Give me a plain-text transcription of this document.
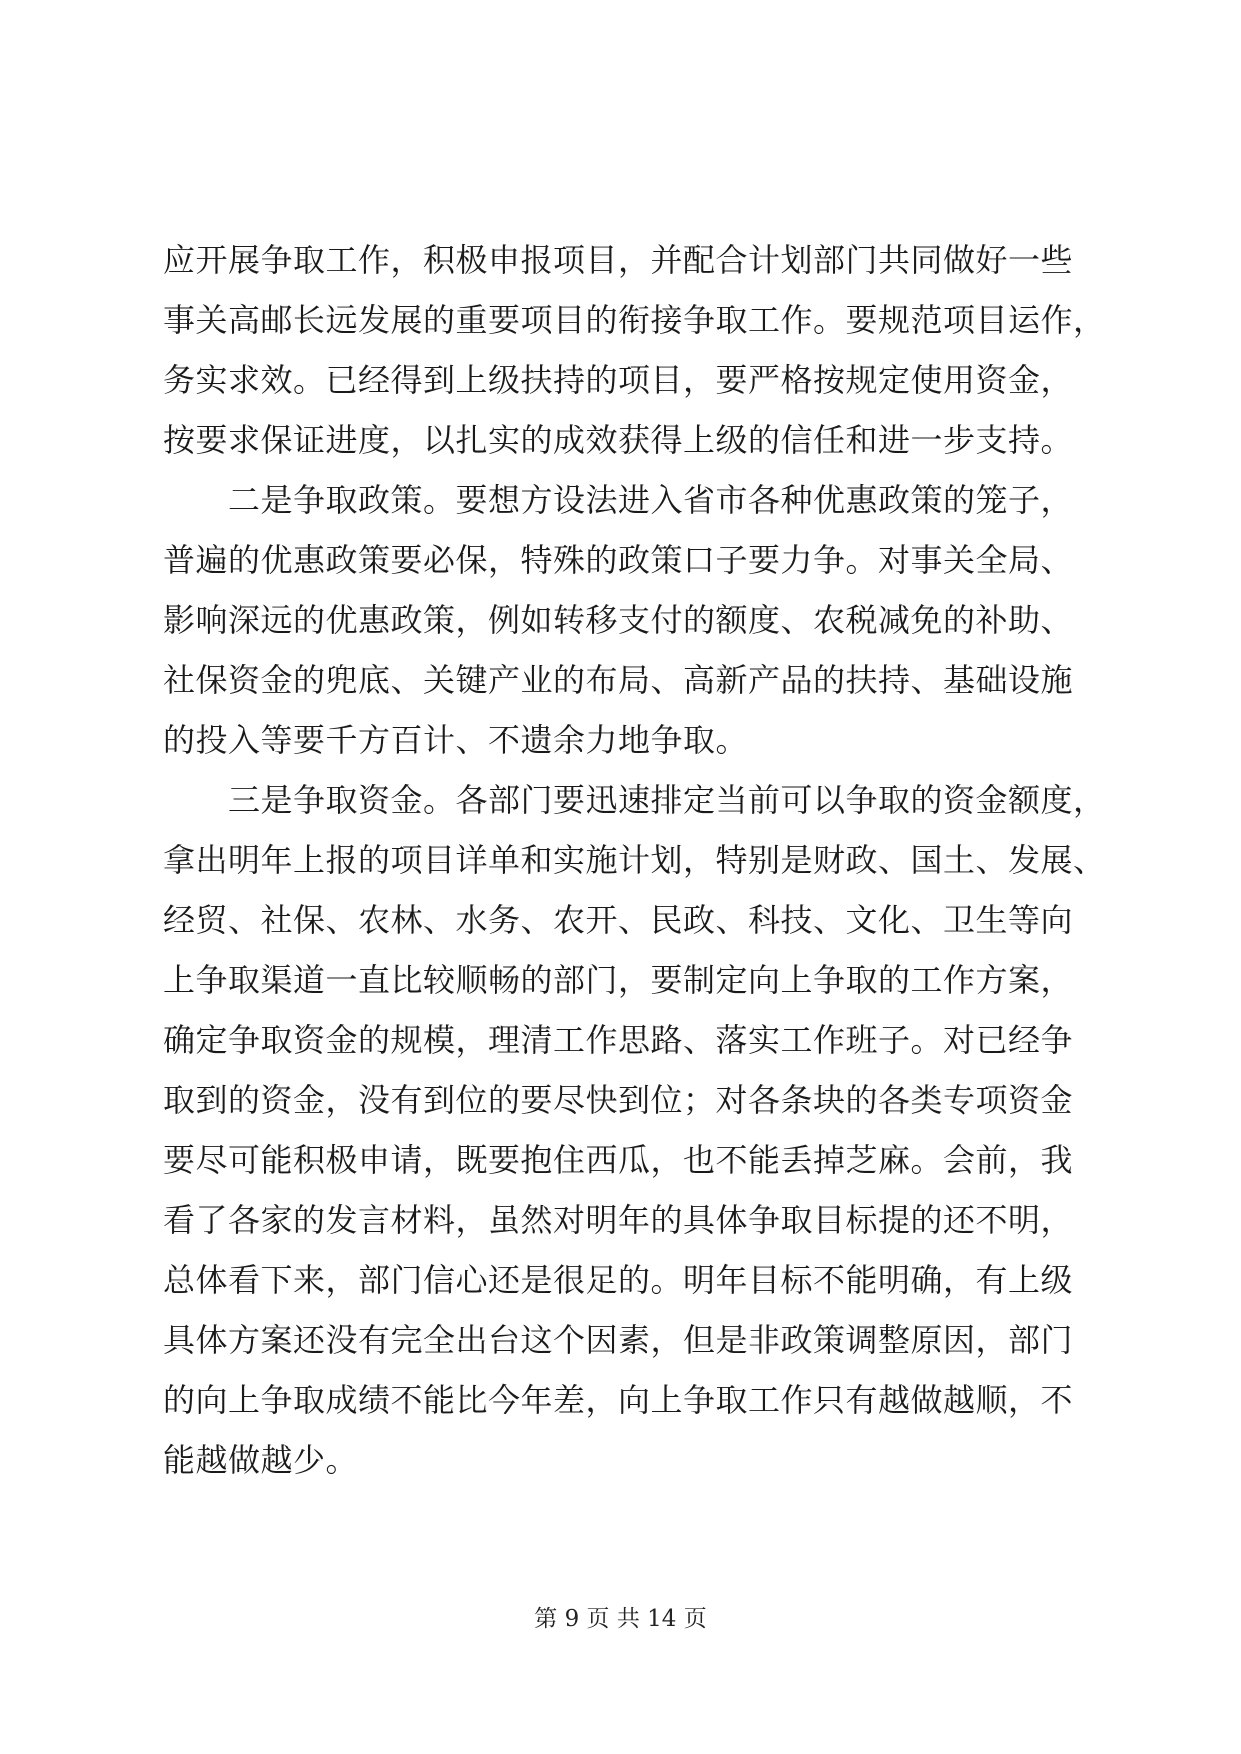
应开展争取工作，积极申报项目，并配合计划部门共同做好一些
事关高邮长远发展的重要项目的衔接争取工作。要规范项目运作，
务实求效。已经得到上级扶持的项目，要严格按规定使用资金，
按要求保证进度，以扎实的成效获得上级的信任和进一步支持。
　　二是争取政策。要想方设法进入省市各种优惠政策的笼子，
普遍的优惠政策要必保，特殊的政策口子要力争。对事关全局、
影响深远的优惠政策，例如转移支付的额度、农税减免的补助、
社保资金的兜底、关键产业的布局、高新产品的扶持、基础设施
的投入等要千方百计、不遗余力地争取。
　　三是争取资金。各部门要迅速排定当前可以争取的资金额度，
拿出明年上报的项目详单和实施计划，特别是财政、国土、发展、
经贸、社保、农林、水务、农开、民政、科技、文化、卫生等向
上争取渠道一直比较顺畅的部门，要制定向上争取的工作方案，
确定争取资金的规模，理清工作思路、落实工作班子。对已经争
取到的资金，没有到位的要尽快到位；对各条块的各类专项资金
要尽可能积极申请，既要抱住西瓜，也不能丢掉芝麻。会前，我
看了各家的发言材料，虽然对明年的具体争取目标提的还不明，
总体看下来，部门信心还是很足的。明年目标不能明确，有上级
具体方案还没有完全出台这个因素，但是非政策调整原因，部门
的向上争取成绩不能比今年差，向上争取工作只有越做越顺，不
能越做越少。
第 9 页 共 14 页
